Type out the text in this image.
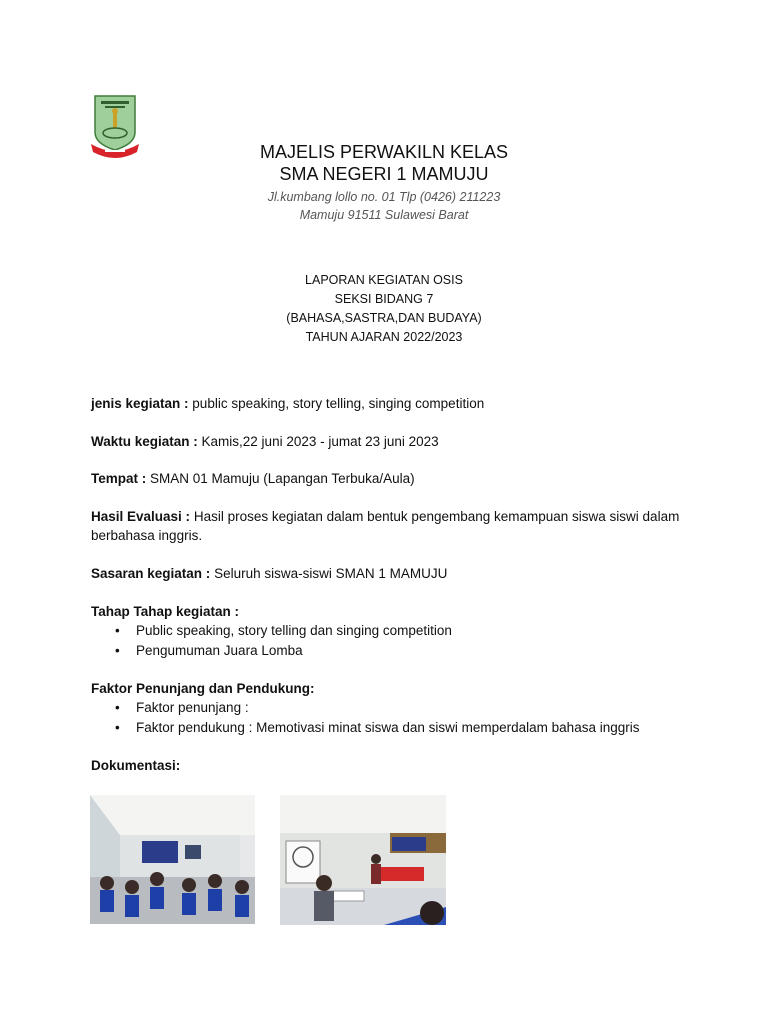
MAJELIS PERWAKILN KELAS
SMA NEGERI 1 MAMUJU
Jl.kumbang lollo no. 01 Tlp (0426) 211223
Mamuju 91511 Sulawesi Barat
LAPORAN KEGIATAN OSIS
SEKSI BIDANG 7
(BAHASA,SASTRA,DAN BUDAYA)
TAHUN AJARAN 2022/2023
jenis kegiatan : public speaking, story telling, singing competition
Waktu kegiatan : Kamis,22 juni 2023 - jumat 23 juni 2023
Tempat : SMAN 01 Mamuju (Lapangan Terbuka/Aula)
Hasil Evaluasi : Hasil proses kegiatan dalam bentuk pengembang kemampuan siswa siswi dalam berbahasa inggris.
Sasaran kegiatan : Seluruh siswa-siswi SMAN 1 MAMUJU
Tahap Tahap kegiatan :
• Public speaking, story telling dan singing competition
• Pengumuman Juara Lomba
Faktor Penunjang dan Pendukung:
• Faktor penunjang :
• Faktor pendukung : Memotivasi minat siswa dan siswi memperdalam bahasa inggris
Dokumentasi:
